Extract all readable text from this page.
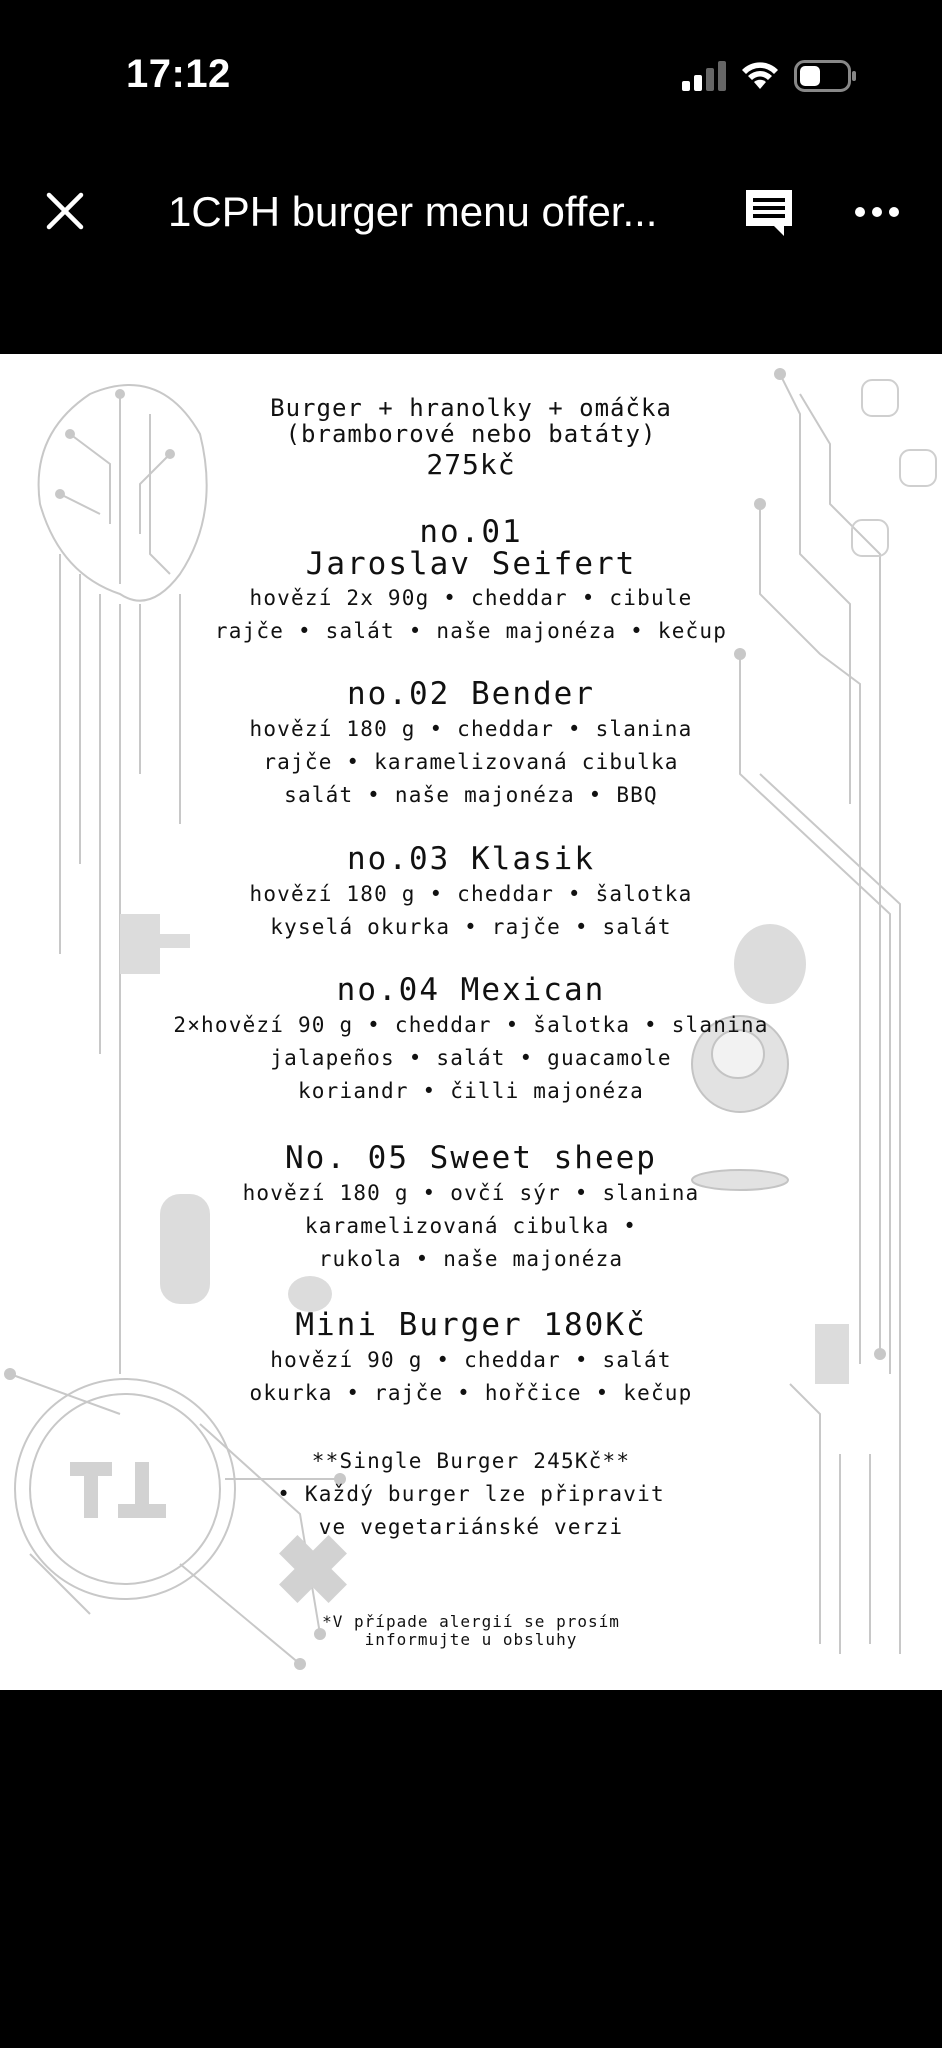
17:12
1CPH burger menu offer...
Burger + hranolky + omáčka
(bramborové nebo batáty)
275kč
no.01
Jaroslav Seifert
hovězí 2x 90g • cheddar • cibule
rajče • salát • naše majonéza • kečup
no.02 Bender
hovězí 180 g • cheddar • slanina
rajče • karamelizovaná cibulka
salát • naše majonéza • BBQ
no.03 Klasik
hovězí 180 g • cheddar • šalotka
kyselá okurka • rajče • salát
no.04 Mexican
2×hovězí 90 g • cheddar • šalotka • slanina
jalapeños • salát • guacamole
koriandr • čilli majonéza
No. 05 Sweet sheep
hovězí 180 g • ovčí sýr • slanina
karamelizovaná cibulka •
rukola • naše majonéza
Mini Burger 180Kč
hovězí 90 g • cheddar • salát
okurka • rajče • hořčice • kečup
**Single Burger 245Kč**
• Každý burger lze připravit
ve vegetariánské verzi
*V případe alergií se prosím
informujte u obsluhy
